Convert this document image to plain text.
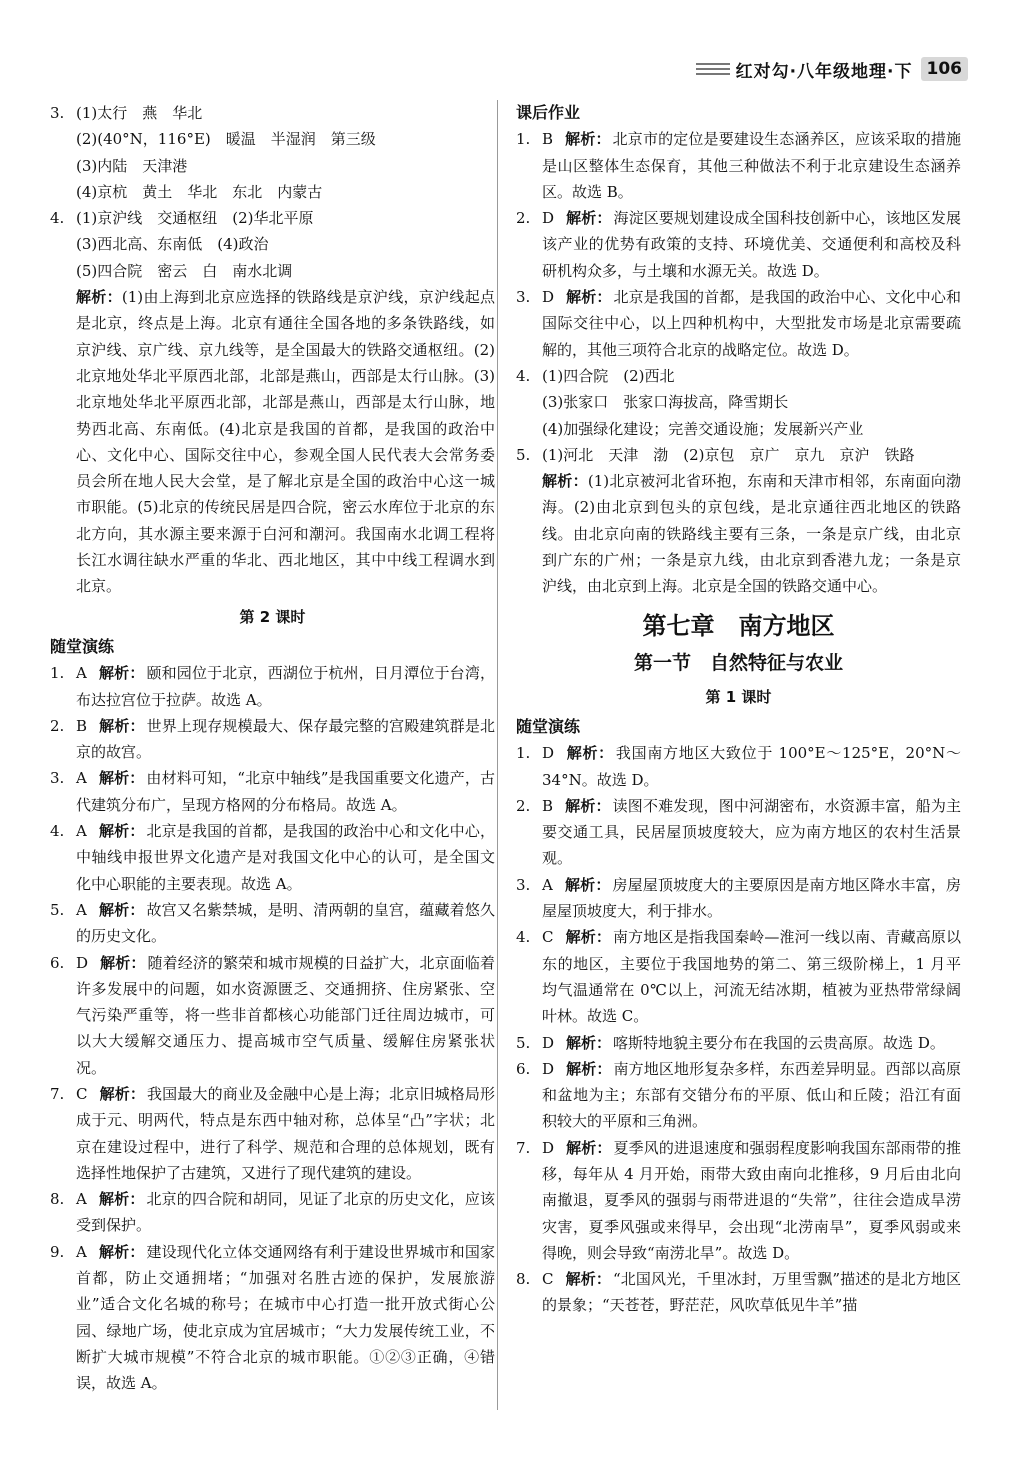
红对勾·八年级地理·下 106
3. (1)太行　燕　华北
(2)(40°N，116°E)　暖温　半湿润　第三级
(3)内陆　天津港
(4)京杭　黄土　华北　东北　内蒙古
4. (1)京沪线　交通枢纽　(2)华北平原
(3)西北高、东南低　(4)政治
(5)四合院　密云　白　南水北调
解析：(1)由上海到北京应选择的铁路线是京沪线，京沪线起点是北京，终点是上海。北京有通往全国各地的多条铁路线，如京沪线、京广线、京九线等，是全国最大的铁路交通枢纽。(2)北京地处华北平原西北部，北部是燕山，西部是太行山脉。(3)北京地处华北平原西北部，北部是燕山，西部是太行山脉，地势西北高、东南低。(4)北京是我国的首都，是我国的政治中心、文化中心、国际交往中心，参观全国人民代表大会常务委员会所在地人民大会堂，是了解北京是全国的政治中心这一城市职能。(5)北京的传统民居是四合院，密云水库位于北京的东北方向，其水源主要来源于白河和潮河。我国南水北调工程将长江水调往缺水严重的华北、西北地区，其中中线工程调水到北京。
第 2 课时
随堂演练
1. A 解析： 颐和园位于北京，西湖位于杭州，日月潭位于台湾，布达拉宫位于拉萨。故选 A。
2. B 解析： 世界上现存规模最大、保存最完整的宫殿建筑群是北京的故宫。
3. A 解析： 由材料可知，“北京中轴线”是我国重要文化遗产，古代建筑分布广，呈现方格网的分布格局。故选 A。
4. A 解析： 北京是我国的首都，是我国的政治中心和文化中心，中轴线申报世界文化遗产是对我国文化中心的认可，是全国文化中心职能的主要表现。故选 A。
5. A 解析： 故宫又名紫禁城，是明、清两朝的皇宫，蕴藏着悠久的历史文化。
6. D 解析： 随着经济的繁荣和城市规模的日益扩大，北京面临着许多发展中的问题，如水资源匮乏、交通拥挤、住房紧张、空气污染严重等，将一些非首都核心功能部门迁往周边城市，可以大大缓解交通压力、提高城市空气质量、缓解住房紧张状况。
7. C 解析： 我国最大的商业及金融中心是上海；北京旧城格局形成于元、明两代，特点是东西中轴对称，总体呈“凸”字状；北京在建设过程中，进行了科学、规范和合理的总体规划，既有选择性地保护了古建筑，又进行了现代建筑的建设。
8. A 解析： 北京的四合院和胡同，见证了北京的历史文化，应该受到保护。
9. A 解析： 建设现代化立体交通网络有利于建设世界城市和国家首都，防止交通拥堵；“加强对名胜古迹的保护，发展旅游业”适合文化名城的称号；在城市中心打造一批开放式街心公园、绿地广场，使北京成为宜居城市；“大力发展传统工业，不断扩大城市规模”不符合北京的城市职能。①②③正确，④错误，故选 A。
课后作业
1. B 解析： 北京市的定位是要建设生态涵养区，应该采取的措施是山区整体生态保育，其他三种做法不利于北京建设生态涵养区。故选 B。
2. D 解析： 海淀区要规划建设成全国科技创新中心，该地区发展该产业的优势有政策的支持、环境优美、交通便利和高校及科研机构众多，与土壤和水源无关。故选 D。
3. D 解析： 北京是我国的首都，是我国的政治中心、文化中心和国际交往中心，以上四种机构中，大型批发市场是北京需要疏解的，其他三项符合北京的战略定位。故选 D。
4. (1)四合院　(2)西北
(3)张家口　张家口海拔高，降雪期长
(4)加强绿化建设；完善交通设施；发展新兴产业
5. (1)河北　天津　渤　(2)京包　京广　京九　京沪　铁路
解析：(1)北京被河北省环抱，东南和天津市相邻，东南面向渤海。(2)由北京到包头的京包线，是北京通往西北地区的铁路线。由北京向南的铁路线主要有三条，一条是京广线，由北京到广东的广州；一条是京九线，由北京到香港九龙；一条是京沪线，由北京到上海。北京是全国的铁路交通中心。
第七章　南方地区
第一节　自然特征与农业
第 1 课时
随堂演练
1. D 解析： 我国南方地区大致位于 100°E～125°E，20°N～34°N。故选 D。
2. B 解析： 读图不难发现，图中河湖密布，水资源丰富，船为主要交通工具，民居屋顶坡度较大，应为南方地区的农村生活景观。
3. A 解析： 房屋屋顶坡度大的主要原因是南方地区降水丰富，房屋屋顶坡度大，利于排水。
4. C 解析： 南方地区是指我国秦岭—淮河一线以南、青藏高原以东的地区，主要位于我国地势的第二、第三级阶梯上，1 月平均气温通常在 0℃以上，河流无结冰期，植被为亚热带常绿阔叶林。故选 C。
5. D 解析： 喀斯特地貌主要分布在我国的云贵高原。故选 D。
6. D 解析： 南方地区地形复杂多样，东西差异明显。西部以高原和盆地为主；东部有交错分布的平原、低山和丘陵；沿江有面积较大的平原和三角洲。
7. D 解析： 夏季风的进退速度和强弱程度影响我国东部雨带的推移，每年从 4 月开始，雨带大致由南向北推移，9 月后由北向南撤退，夏季风的强弱与雨带进退的“失常”，往往会造成旱涝灾害，夏季风强或来得早，会出现“北涝南旱”，夏季风弱或来得晚，则会导致“南涝北旱”。故选 D。
8. C 解析： “北国风光，千里冰封，万里雪飘”描述的是北方地区的景象；“天苍苍，野茫茫，风吹草低见牛羊”描
